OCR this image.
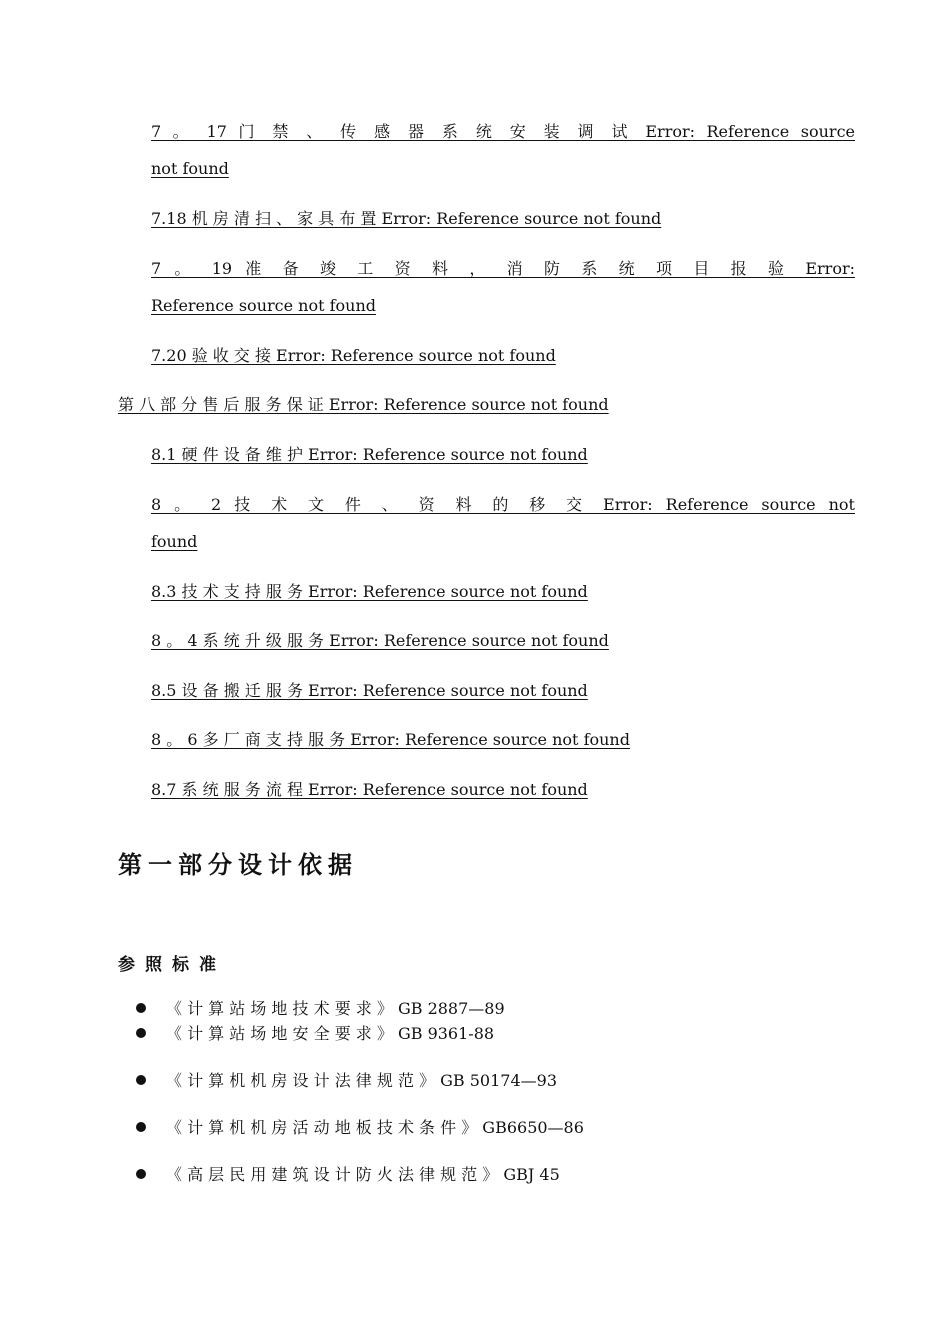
7 。 17 门 禁 、 传 感 器 系 统 安 装 调 试 Error: Reference source
not found
7.18 机 房 清 扫 、 家 具 布 置 Error: Reference source not found
7 。 19 准 备 竣 工 资 料 ， 消 防 系 统 项 目 报 验 Error:
Reference source not found
7.20 验 收 交 接 Error: Reference source not found
第 八 部 分 售 后 服 务 保 证 Error: Reference source not found
8.1 硬 件 设 备 维 护 Error: Reference source not found
8 。 2 技 术 文 件 、 资 料 的 移 交 Error: Reference source not
found
8.3 技 术 支 持 服 务 Error: Reference source not found
8 。 4 系 统 升 级 服 务 Error: Reference source not found
8.5 设 备 搬 迁 服 务 Error: Reference source not found
8 。 6 多 厂 商 支 持 服 务 Error: Reference source not found
8.7 系 统 服 务 流 程 Error: Reference source not found
第一部分设计依据
参照标准
《 计 算 站 场 地 技 术 要 求 》 GB 2887—89
《 计 算 站 场 地 安 全 要 求 》 GB 9361-88
《 计 算 机 机 房 设 计 法 律 规 范 》 GB 50174—93
《 计 算 机 机 房 活 动 地 板 技 术 条 件 》 GB6650—86
《 高 层 民 用 建 筑 设 计 防 火 法 律 规 范 》 GBJ 45
